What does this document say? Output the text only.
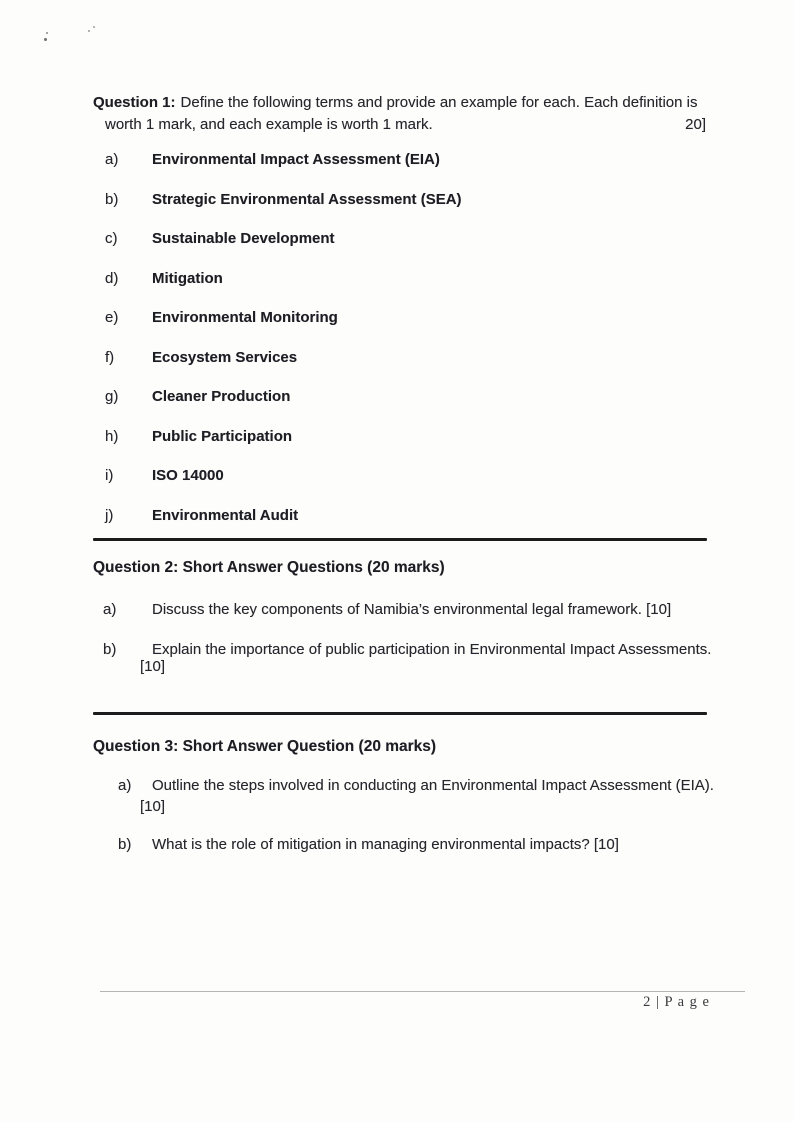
Question 1: Define the following terms and provide an example for each. Each definition is
worth 1 mark, and each example is worth 1 mark.	20]
a)	Environmental Impact Assessment (EIA)
b)	Strategic Environmental Assessment (SEA)
c)	Sustainable Development
d)	Mitigation
e)	Environmental Monitoring
f)	Ecosystem Services
g)	Cleaner Production
h)	Public Participation
i)	ISO 14000
j)	Environmental Audit
Question 2: Short Answer Questions (20 marks)
a)	Discuss the key components of Namibia’s environmental legal framework. [10]
b)	Explain the importance of public participation in Environmental Impact Assessments.
[10]
Question 3: Short Answer Question (20 marks)
a)	Outline the steps involved in conducting an Environmental Impact Assessment (EIA).
[10]
b)	What is the role of mitigation in managing environmental impacts? [10]
2 | P a g e
